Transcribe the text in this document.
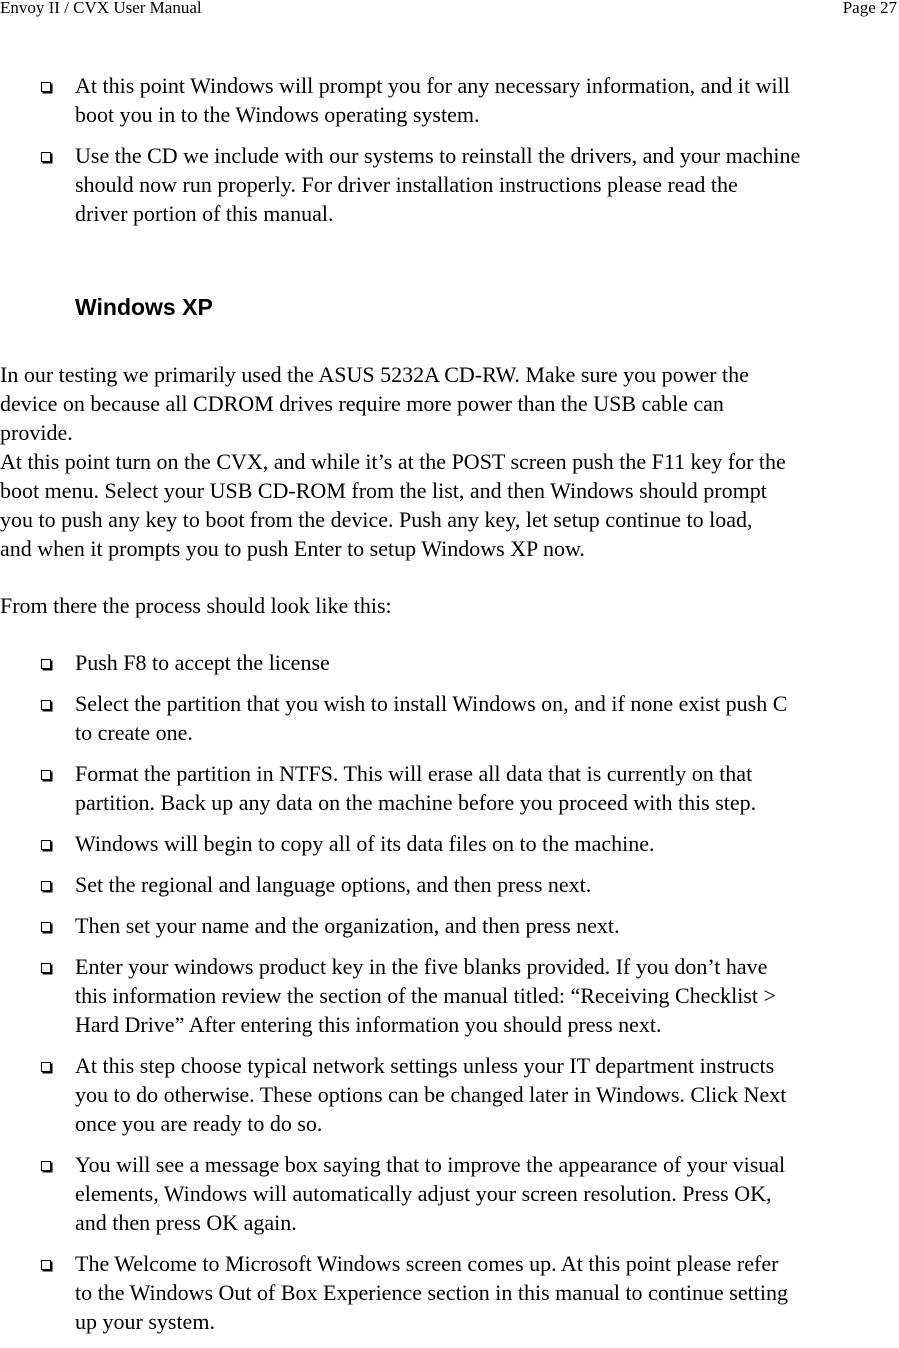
Envoy II / CVX User Manual	Page 27
At this point Windows will prompt you for any necessary information, and it will
boot you in to the Windows operating system.
Use the CD we include with our systems to reinstall the drivers, and your machine
should now run properly. For driver installation instructions please read the
driver portion of this manual.
Windows XP
In our testing we primarily used the ASUS 5232A CD-RW. Make sure you power the
device on because all CDROM drives require more power than the USB cable can
provide.
At this point turn on the CVX, and while it’s at the POST screen push the F11 key for the
boot menu. Select your USB CD-ROM from the list, and then Windows should prompt
you to push any key to boot from the device. Push any key, let setup continue to load,
and when it prompts you to push Enter to setup Windows XP now.
From there the process should look like this:
Push F8 to accept the license
Select the partition that you wish to install Windows on, and if none exist push C
to create one.
Format the partition in NTFS. This will erase all data that is currently on that
partition. Back up any data on the machine before you proceed with this step.
Windows will begin to copy all of its data files on to the machine.
Set the regional and language options, and then press next.
Then set your name and the organization, and then press next.
Enter your windows product key in the five blanks provided. If you don’t have
this information review the section of the manual titled: “Receiving Checklist >
Hard Drive” After entering this information you should press next.
At this step choose typical network settings unless your IT department instructs
you to do otherwise. These options can be changed later in Windows. Click Next
once you are ready to do so.
You will see a message box saying that to improve the appearance of your visual
elements, Windows will automatically adjust your screen resolution. Press OK,
and then press OK again.
The Welcome to Microsoft Windows screen comes up. At this point please refer
to the Windows Out of Box Experience section in this manual to continue setting
up your system.
